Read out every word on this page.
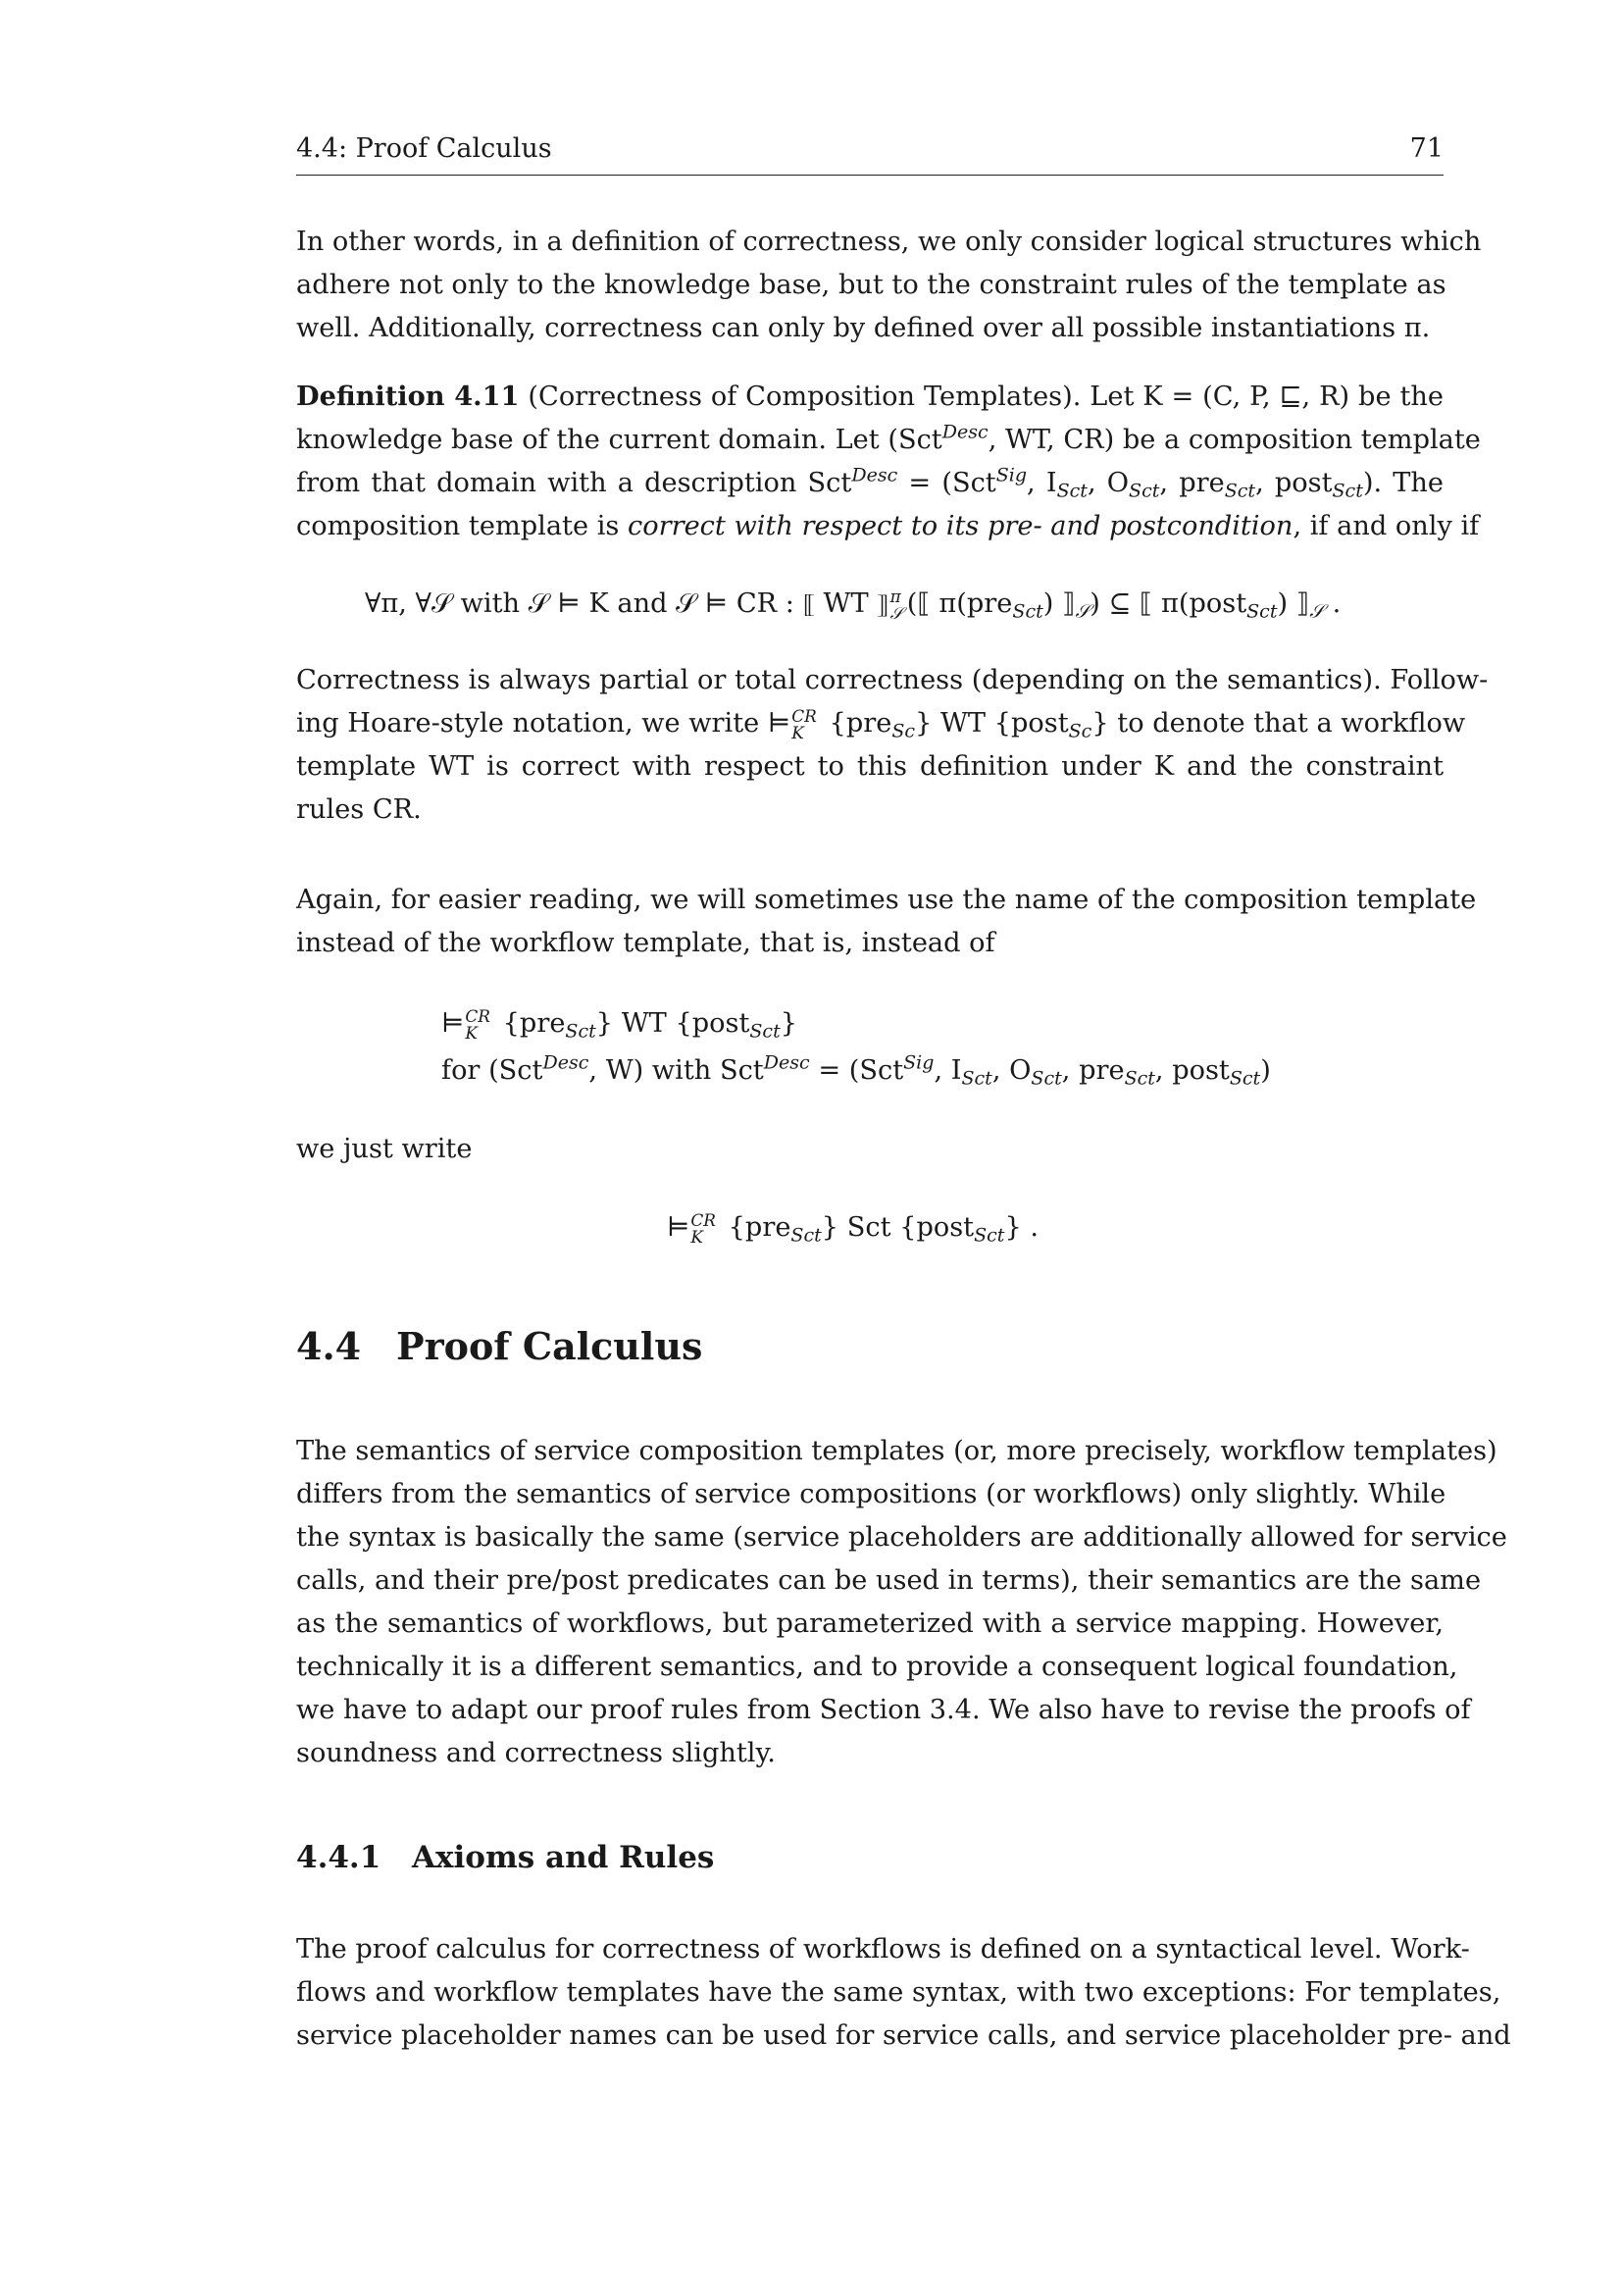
4.4: Proof Calculus	71
In other words, in a definition of correctness, we only consider logical structures which
adhere not only to the knowledge base, but to the constraint rules of the template as
well. Additionally, correctness can only by defined over all possible instantiations π.
Definition 4.11 (Correctness of Composition Templates). Let K = (C, P, ⊑, R) be the
knowledge base of the current domain. Let (Sct$^{Desc}$, WT, CR) be a composition template
from that domain with a description Sct$^{Desc}$ = (Sct$^{Sig}$, $I_{Sct}$, $O_{Sct}$, pre$_{Sct}$, post$_{Sct}$). The
composition template is correct with respect to its pre- and postcondition, if and only if
∀π, ∀𝒮 with 𝒮 ⊨ K and 𝒮 ⊨ CR : ⟦ WT ⟧ π
𝒮 (⟦ π(pre$_{Sct}$) $⟧_𝒮$) ⊆ ⟦ π(post$_{Sct}$) $⟧_𝒮$ .
Correctness is always partial or total correctness (depending on the semantics). Follow-
ing Hoare-style notation, we write ⊨ CR
K {pre$_{Sc}$} WT {post$_{Sc}$} to denote that a workflow
template WT is correct with respect to this definition under K and the constraint
rules CR.
Again, for easier reading, we will sometimes use the name of the composition template
instead of the workflow template, that is, instead of
⊨ CR
K {pre$_{Sct}$} WT {post$_{Sct}$}
for (Sct$^{Desc}$, W) with Sct$^{Desc}$ = (Sct$^{Sig}$, $I_{Sct}$, $O_{Sct}$, pre$_{Sct}$, post$_{Sct}$)
we just write
⊨ CR
K {pre$_{Sct}$} Sct {post$_{Sct}$} .
4.4 Proof Calculus
The semantics of service composition templates (or, more precisely, workflow templates)
differs from the semantics of service compositions (or workflows) only slightly. While
the syntax is basically the same (service placeholders are additionally allowed for service
calls, and their pre/post predicates can be used in terms), their semantics are the same
as the semantics of workflows, but parameterized with a service mapping. However,
technically it is a different semantics, and to provide a consequent logical foundation,
we have to adapt our proof rules from Section 3.4. We also have to revise the proofs of
soundness and correctness slightly.
4.4.1 Axioms and Rules
The proof calculus for correctness of workflows is defined on a syntactical level. Work-
flows and workflow templates have the same syntax, with two exceptions: For templates,
service placeholder names can be used for service calls, and service placeholder pre- and
